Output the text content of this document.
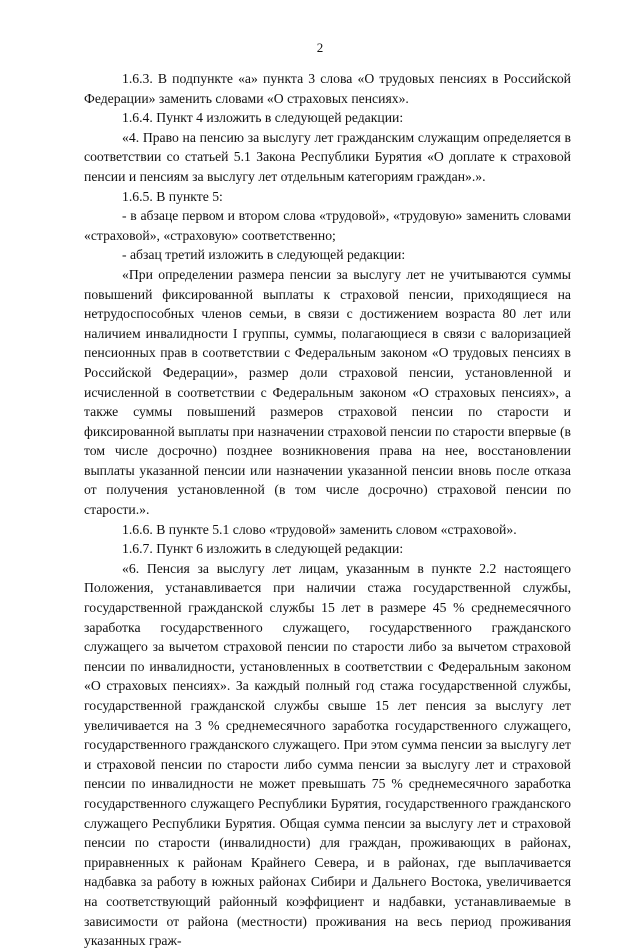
2

1.6.3. В подпункте «а» пункта 3 слова «О трудовых пенсиях в Российской Федерации» заменить словами «О страховых пенсиях».

1.6.4. Пункт 4 изложить в следующей редакции:

«4. Право на пенсию за выслугу лет гражданским служащим определяется в соответствии со статьей 5.1 Закона Республики Бурятия «О доплате к страховой пенсии и пенсиям за выслугу лет отдельным категориям граждан».».

1.6.5. В пункте 5:

- в абзаце первом и втором слова «трудовой», «трудовую» заменить словами «страховой», «страховую» соответственно;

- абзац третий изложить в следующей редакции:

«При определении размера пенсии за выслугу лет не учитываются суммы повышений фиксированной выплаты к страховой пенсии, приходящиеся на нетрудоспособных членов семьи, в связи с достижением возраста 80 лет или наличием инвалидности I группы, суммы, полагающиеся в связи с валоризацией пенсионных прав в соответствии с Федеральным законом «О трудовых пенсиях в Российской Федерации», размер доли страховой пенсии, установленной и исчисленной в соответствии с Федеральным законом «О страховых пенсиях», а также суммы повышений размеров страховой пенсии по старости и фиксированной выплаты при назначении страховой пенсии по старости впервые (в том числе досрочно) позднее возникновения права на нее, восстановлении выплаты указанной пенсии или назначении указанной пенсии вновь после отказа от получения установленной (в том числе досрочно) страховой пенсии по старости.».

1.6.6. В пункте 5.1 слово «трудовой» заменить словом «страховой».

1.6.7. Пункт 6 изложить в следующей редакции:

«6. Пенсия за выслугу лет лицам, указанным в пункте 2.2 настоящего Положения, устанавливается при наличии стажа государственной службы, государственной гражданской службы 15 лет в размере 45 % среднемесячного заработка государственного служащего, государственного гражданского служащего за вычетом страховой пенсии по старости либо за вычетом страховой пенсии по инвалидности, установленных в соответствии с Федеральным законом «О страховых пенсиях». За каждый полный год стажа государственной службы, государственной гражданской службы свыше 15 лет пенсия за выслугу лет увеличивается на 3 % среднемесячного заработка государственного служащего, государственного гражданского служащего. При этом сумма пенсии за выслугу лет и страховой пенсии по старости либо сумма пенсии за выслугу лет и страховой пенсии по инвалидности не может превышать 75 % среднемесячного заработка государственного служащего Республики Бурятия, государственного гражданского служащего Республики Бурятия. Общая сумма пенсии за выслугу лет и страховой пенсии по старости (инвалидности) для граждан, проживающих в районах, приравненных к районам Крайнего Севера, и в районах, где выплачивается надбавка за работу в южных районах Сибири и Дальнего Востока, увеличивается на соответствующий районный коэффициент и надбавки, устанавливаемые в зависимости от района (местности) проживания на весь период проживания указанных граж-
